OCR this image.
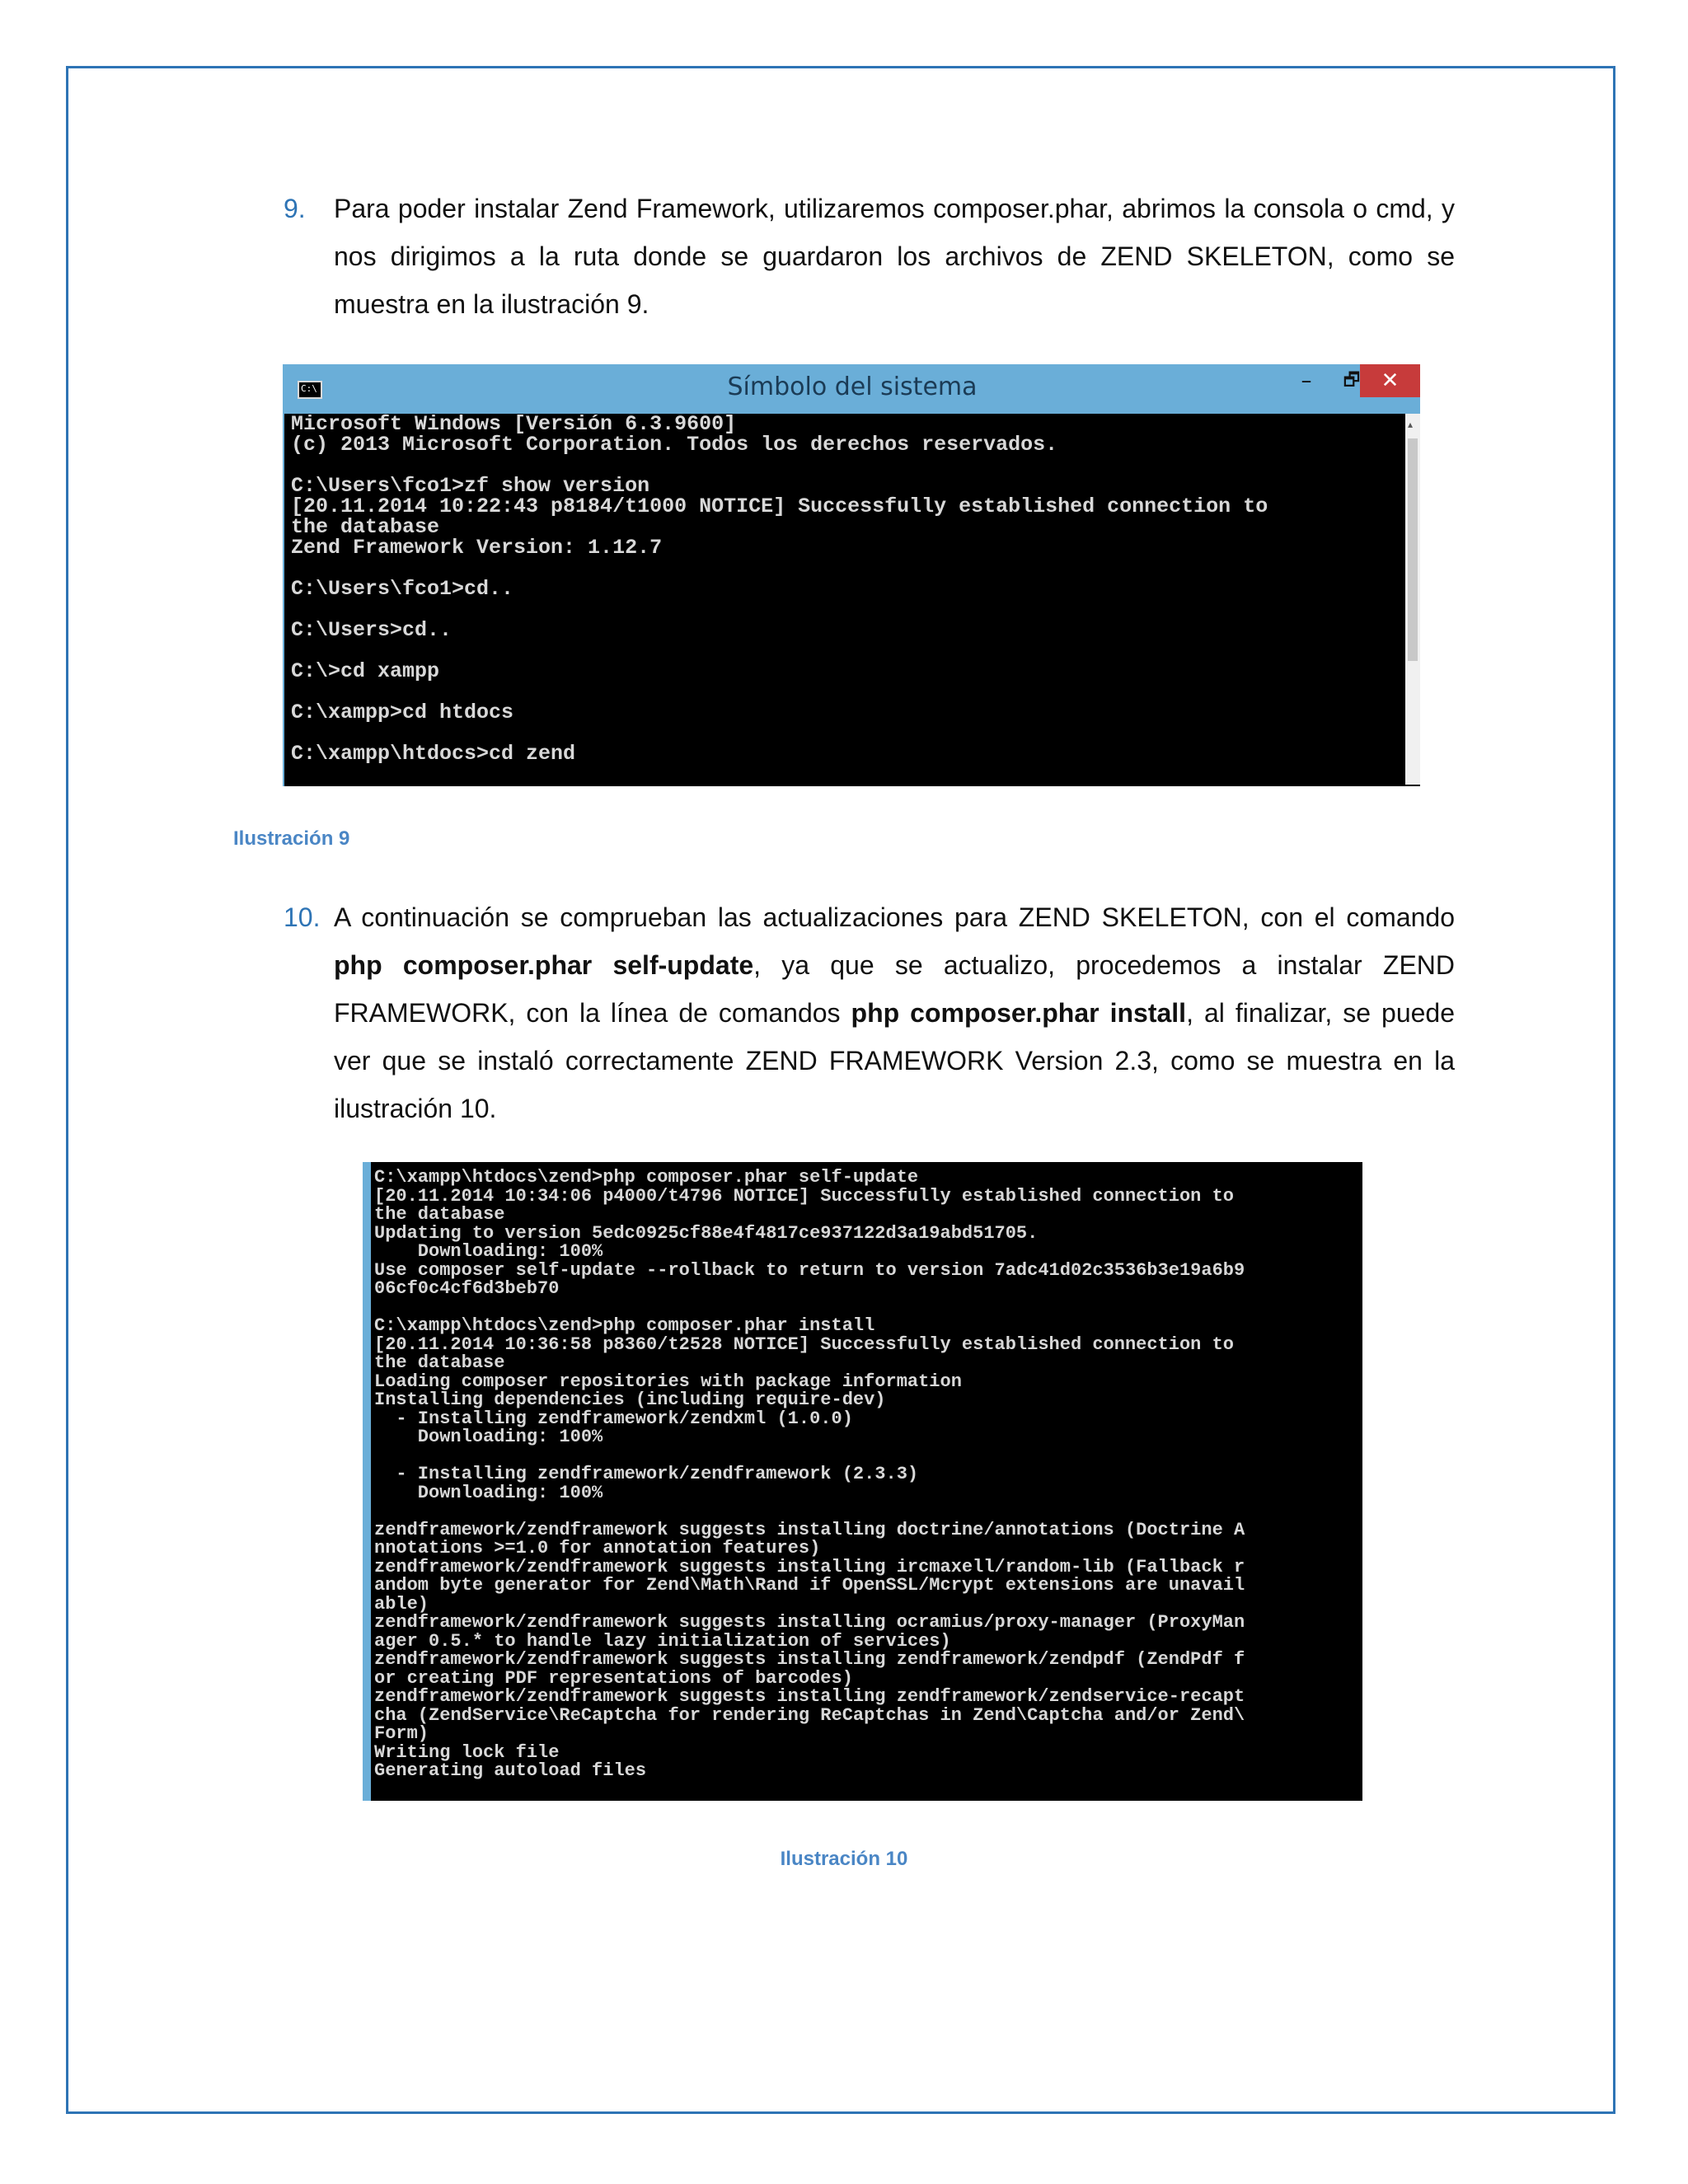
9. Para poder instalar Zend Framework, utilizaremos composer.phar, abrimos la consola o cmd, y nos dirigimos a la ruta donde se guardaron los archivos de ZEND SKELETON, como se muestra en la ilustración 9.
C:\	Símbolo del sistema	–	🗗 ✕
Microsoft Windows [Versión 6.3.9600]
(c) 2013 Microsoft Corporation. Todos los derechos reservados.

C:\Users\fco1>zf show version
[20.11.2014 10:22:43 p8184/t1000 NOTICE] Successfully established connection to
the database
Zend Framework Version: 1.12.7

C:\Users\fco1>cd..

C:\Users>cd..

C:\>cd xampp

C:\xampp>cd htdocs

C:\xampp\htdocs>cd zend
▴
Ilustración 9
10. A continuación se comprueban las actualizaciones para ZEND SKELETON, con el comando php composer.phar self-update, ya que se actualizo, procedemos a instalar ZEND FRAMEWORK, con la línea de comandos php composer.phar install, al finalizar, se puede ver que se instaló correctamente ZEND FRAMEWORK Version 2.3, como se muestra en la ilustración 10.
C:\xampp\htdocs\zend>php composer.phar self-update
[20.11.2014 10:34:06 p4000/t4796 NOTICE] Successfully established connection to
the database
Updating to version 5edc0925cf88e4f4817ce937122d3a19abd51705.
Downloading: 100%
Use composer self-update --rollback to return to version 7adc41d02c3536b3e19a6b9
06cf0c4cf6d3beb70

C:\xampp\htdocs\zend>php composer.phar install
[20.11.2014 10:36:58 p8360/t2528 NOTICE] Successfully established connection to
the database
Loading composer repositories with package information
Installing dependencies (including require-dev)
- Installing zendframework/zendxml (1.0.0)
Downloading: 100%

- Installing zendframework/zendframework (2.3.3)
Downloading: 100%

zendframework/zendframework suggests installing doctrine/annotations (Doctrine A
nnotations >=1.0 for annotation features)
zendframework/zendframework suggests installing ircmaxell/random-lib (Fallback r
andom byte generator for Zend\Math\Rand if OpenSSL/Mcrypt extensions are unavail
able)
zendframework/zendframework suggests installing ocramius/proxy-manager (ProxyMan
ager 0.5.* to handle lazy initialization of services)
zendframework/zendframework suggests installing zendframework/zendpdf (ZendPdf f
or creating PDF representations of barcodes)
zendframework/zendframework suggests installing zendframework/zendservice-recapt
cha (ZendService\ReCaptcha for rendering ReCaptchas in Zend\Captcha and/or Zend\
Form)
Writing lock file
Generating autoload files
Ilustración 10
